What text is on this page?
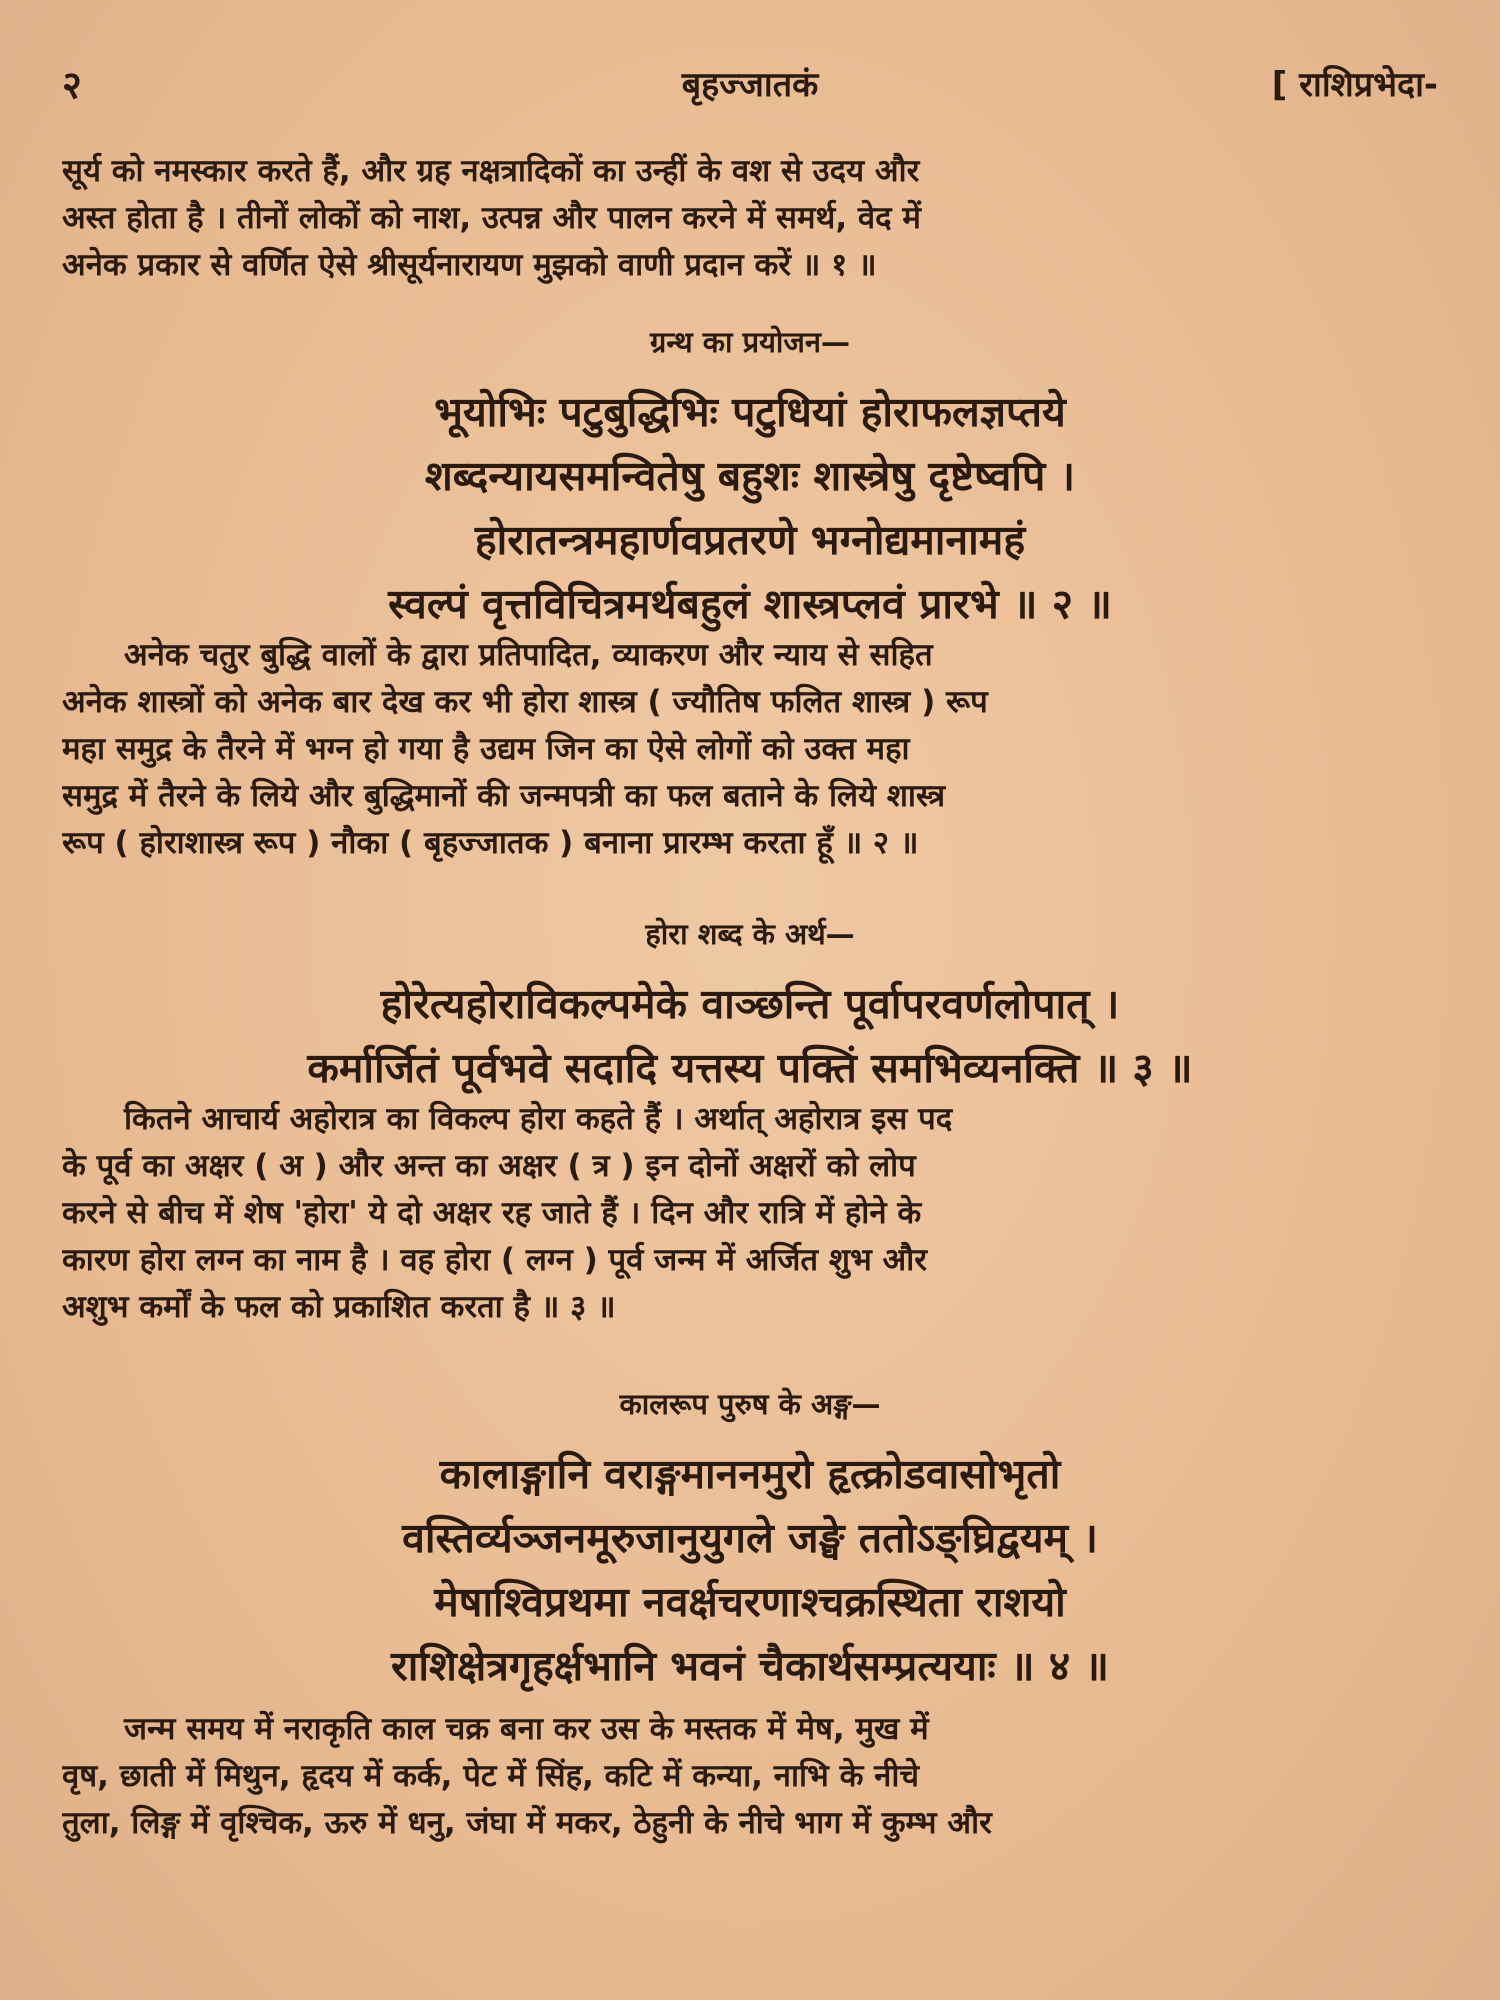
२	बृहज्जातकं	[ राशिप्रभेदा-

सूर्य को नमस्कार करते हैं, और ग्रह नक्षत्रादिकों का उन्हीं के वश से उदय और
अस्त होता है । तीनों लोकों को नाश, उत्पन्न और पालन करने में समर्थ, वेद में
अनेक प्रकार से वर्णित ऐसे श्रीसूर्यनारायण मुझको वाणी प्रदान करें ॥ १ ॥

ग्रन्थ का प्रयोजन—

भूयोभिः पटुबुद्धिभिः पटुधियां होराफलज्ञप्तये
शब्दन्यायसमन्वितेषु बहुशः शास्त्रेषु दृष्टेष्वपि ।
होरातन्त्रमहार्णवप्रतरणे भग्नोद्यमानामहं
स्वल्पं वृत्तविचित्रमर्थबहुलं शास्त्रप्लवं प्रारभे ॥ २ ॥

अनेक चतुर बुद्धि वालों के द्वारा प्रतिपादित, व्याकरण और न्याय से सहित
अनेक शास्त्रों को अनेक बार देख कर भी होरा शास्त्र ( ज्यौतिष फलित शास्त्र ) रूप
महा समुद्र के तैरने में भग्न हो गया है उद्यम जिन का ऐसे लोगों को उक्त महा
समुद्र में तैरने के लिये और बुद्धिमानों की जन्मपत्री का फल बताने के लिये शास्त्र
रूप ( होराशास्त्र रूप ) नौका ( बृहज्जातक ) बनाना प्रारम्भ करता हूँ ॥ २ ॥

होरा शब्द के अर्थ—

होरेत्यहोराविकल्पमेके वाञ्छन्ति पूर्वापरवर्णलोपात् ।
कर्मार्जितं पूर्वभवे सदादि यत्तस्य पक्तिं समभिव्यनक्ति ॥ ३ ॥

कितने आचार्य अहोरात्र का विकल्प होरा कहते हैं । अर्थात् अहोरात्र इस पद
के पूर्व का अक्षर ( अ ) और अन्त का अक्षर ( त्र ) इन दोनों अक्षरों को लोप
करने से बीच में शेष 'होरा' ये दो अक्षर रह जाते हैं । दिन और रात्रि में होने के
कारण होरा लग्न का नाम है । वह होरा ( लग्न ) पूर्व जन्म में अर्जित शुभ और
अशुभ कर्मों के फल को प्रकाशित करता है ॥ ३ ॥

कालरूप पुरुष के अङ्ग—

कालाङ्गानि वराङ्गमाननमुरो हृत्क्रोडवासोभृतो
वस्तिर्व्यञ्जनमूरुजानुयुगले जङ्घे ततोऽङ्घ्रिद्वयम् ।
मेषाश्विप्रथमा नवर्क्षचरणाश्चक्रस्थिता राशयो
राशिक्षेत्रगृहर्क्षभानि भवनं चैकार्थसम्प्रत्ययाः ॥ ४ ॥

जन्म समय में नराकृति काल चक्र बना कर उस के मस्तक में मेष, मुख में
वृष, छाती में मिथुन, हृदय में कर्क, पेट में सिंह, कटि में कन्या, नाभि के नीचे
तुला, लिङ्ग में वृश्चिक, ऊरु में धनु, जंघा में मकर, ठेहुनी के नीचे भाग में कुम्भ और
